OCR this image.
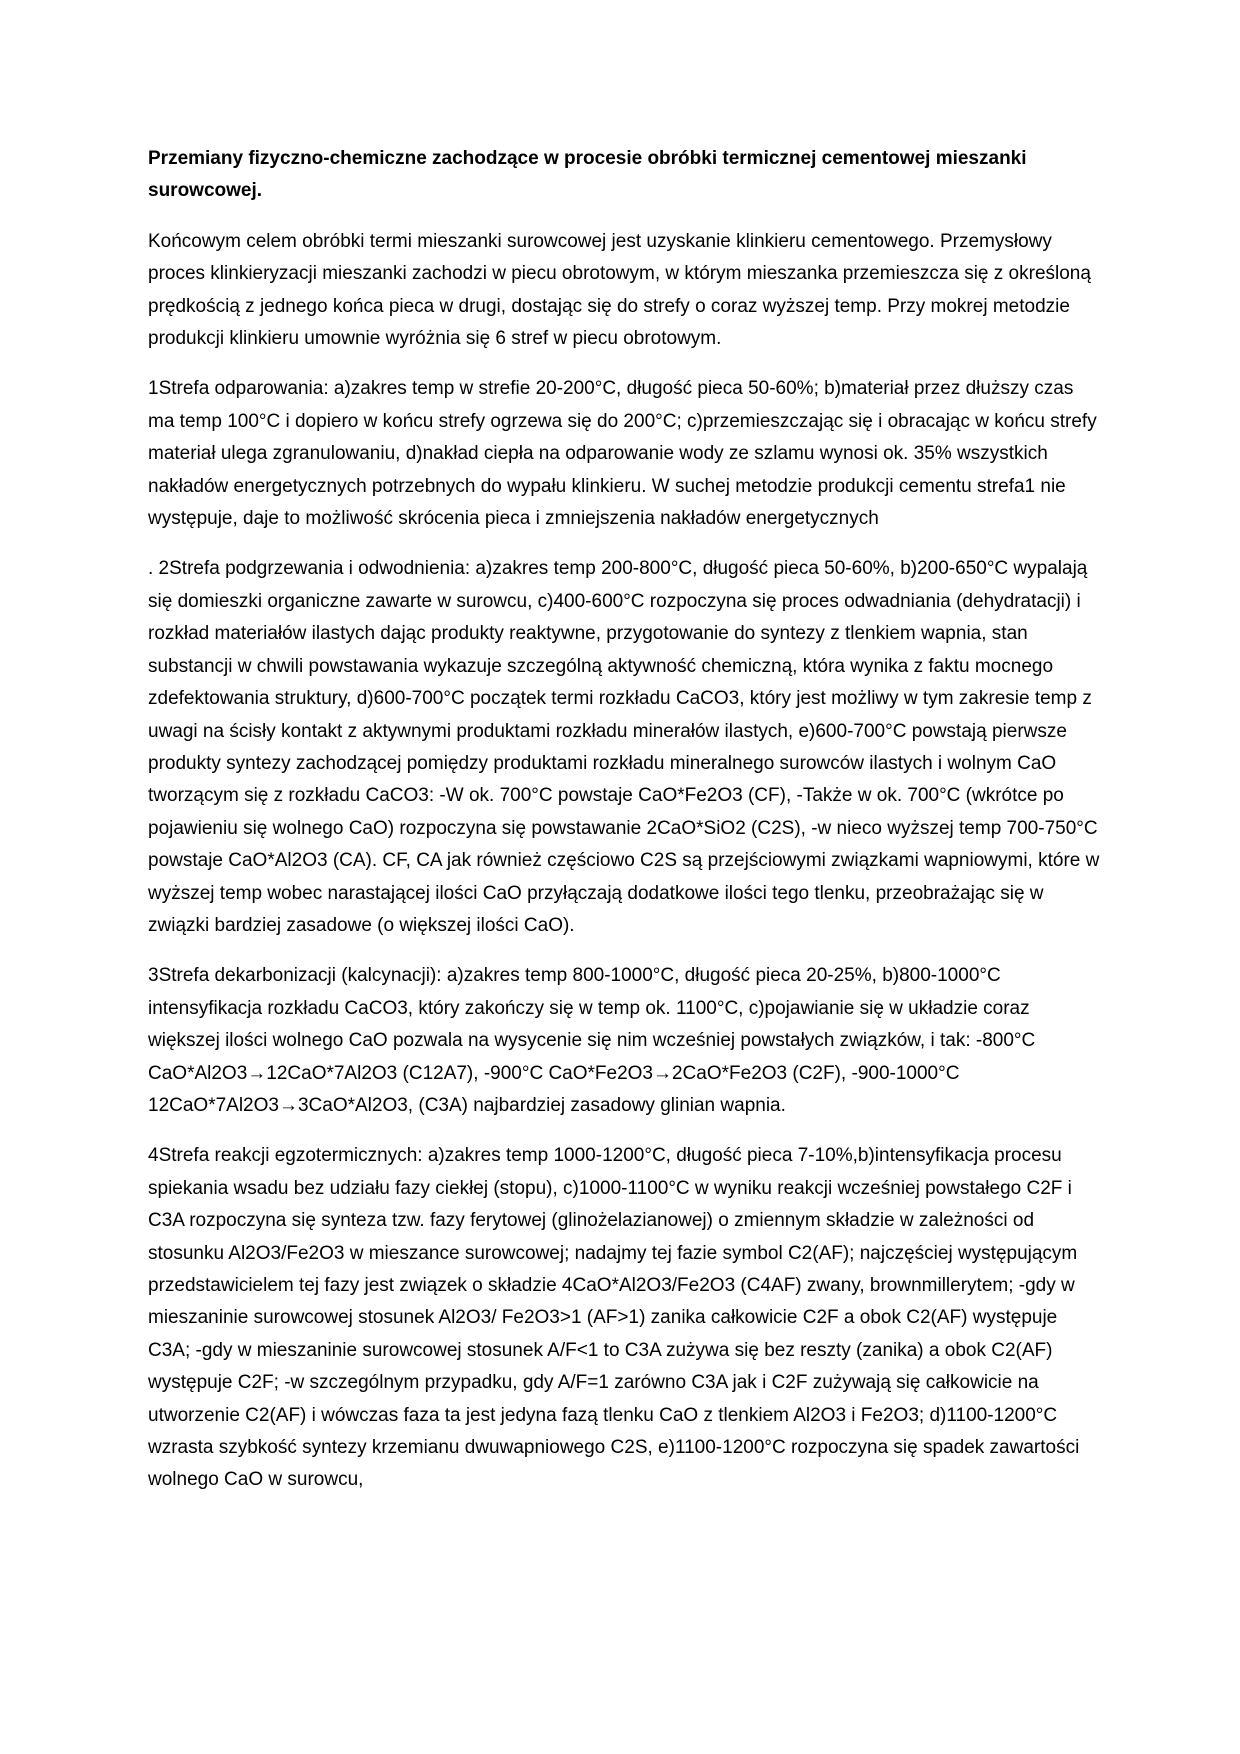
Przemiany fizyczno-chemiczne zachodzące w procesie obróbki termicznej cementowej mieszanki surowcowej.
Końcowym celem obróbki termi mieszanki surowcowej jest uzyskanie klinkieru cementowego. Przemysłowy proces klinkieryzacji mieszanki zachodzi w piecu obrotowym, w którym mieszanka przemieszcza się z określoną prędkością z jednego końca pieca w drugi, dostając się do strefy o coraz wyższej temp. Przy mokrej metodzie produkcji klinkieru umownie wyróżnia się 6 stref w piecu obrotowym.
1Strefa odparowania: a)zakres temp w strefie 20-200°C, długość pieca 50-60%; b)materiał przez dłuższy czas ma temp 100°C i dopiero w końcu strefy ogrzewa się do 200°C; c)przemieszczając się i obracając w końcu strefy materiał ulega zgranulowaniu, d)nakład ciepła na odparowanie wody ze szlamu wynosi ok. 35% wszystkich nakładów energetycznych potrzebnych do wypału klinkieru. W suchej metodzie produkcji cementu strefa1 nie występuje, daje to możliwość skrócenia pieca i zmniejszenia nakładów energetycznych
. 2Strefa podgrzewania i odwodnienia: a)zakres temp 200-800°C, długość pieca 50-60%, b)200-650°C wypalają się domieszki organiczne zawarte w surowcu, c)400-600°C rozpoczyna się proces odwadniania (dehydratacji) i rozkład materiałów ilastych dając produkty reaktywne, przygotowanie do syntezy z tlenkiem wapnia, stan substancji w chwili powstawania wykazuje szczególną aktywność chemiczną, która wynika z faktu mocnego zdefektowania struktury, d)600-700°C początek termi rozkładu CaCO3, który jest możliwy w tym zakresie temp z uwagi na ścisły kontakt z aktywnymi produktami rozkładu minerałów ilastych, e)600-700°C powstają pierwsze produkty syntezy zachodzącej pomiędzy produktami rozkładu mineralnego surowców ilastych i wolnym CaO tworzącym się z rozkładu CaCO3: -W ok. 700°C powstaje CaO*Fe2O3 (CF), -Także w ok. 700°C (wkrótce po pojawieniu się wolnego CaO) rozpoczyna się powstawanie 2CaO*SiO2 (C2S), -w nieco wyższej temp 700-750°C powstaje CaO*Al2O3 (CA). CF, CA jak również częściowo C2S są przejściowymi związkami wapniowymi, które w wyższej temp wobec narastającej ilości CaO przyłączają dodatkowe ilości tego tlenku, przeobrażając się w związki bardziej zasadowe (o większej ilości CaO).
3Strefa dekarbonizacji (kalcynacji): a)zakres temp 800-1000°C, długość pieca 20-25%, b)800-1000°C intensyfikacja rozkładu CaCO3, który zakończy się w temp ok. 1100°C, c)pojawianie się w układzie coraz większej ilości wolnego CaO pozwala na wysycenie się nim wcześniej powstałych związków, i tak: -800°C CaO*Al2O3→12CaO*7Al2O3 (C12A7), -900°C CaO*Fe2O3→2CaO*Fe2O3 (C2F), -900-1000°C 12CaO*7Al2O3→3CaO*Al2O3, (C3A) najbardziej zasadowy glinian wapnia.
4Strefa reakcji egzotermicznych: a)zakres temp 1000-1200°C, długość pieca 7-10%,b)intensyfikacja procesu spiekania wsadu bez udziału fazy ciekłej (stopu), c)1000-1100°C w wyniku reakcji wcześniej powstałego C2F i C3A rozpoczyna się synteza tzw. fazy ferytowej (glinożelazianowej) o zmiennym składzie w zależności od stosunku Al2O3/Fe2O3 w mieszance surowcowej; nadajmy tej fazie symbol C2(AF); najczęściej występującym przedstawicielem tej fazy jest związek o składzie 4CaO*Al2O3/Fe2O3 (C4AF) zwany, brownmillerytem; -gdy w mieszaninie surowcowej stosunek Al2O3/ Fe2O3>1 (AF>1) zanika całkowicie C2F a obok C2(AF) występuje C3A; -gdy w mieszaninie surowcowej stosunek A/F<1 to C3A zużywa się bez reszty (zanika) a obok C2(AF) występuje C2F; -w szczególnym przypadku, gdy A/F=1 zarówno C3A jak i C2F zużywają się całkowicie na utworzenie C2(AF) i wówczas faza ta jest jedyna fazą tlenku CaO z tlenkiem Al2O3 i Fe2O3; d)1100-1200°C wzrasta szybkość syntezy krzemianu dwuwapniowego C2S, e)1100-1200°C rozpoczyna się spadek zawartości wolnego CaO w surowcu,
